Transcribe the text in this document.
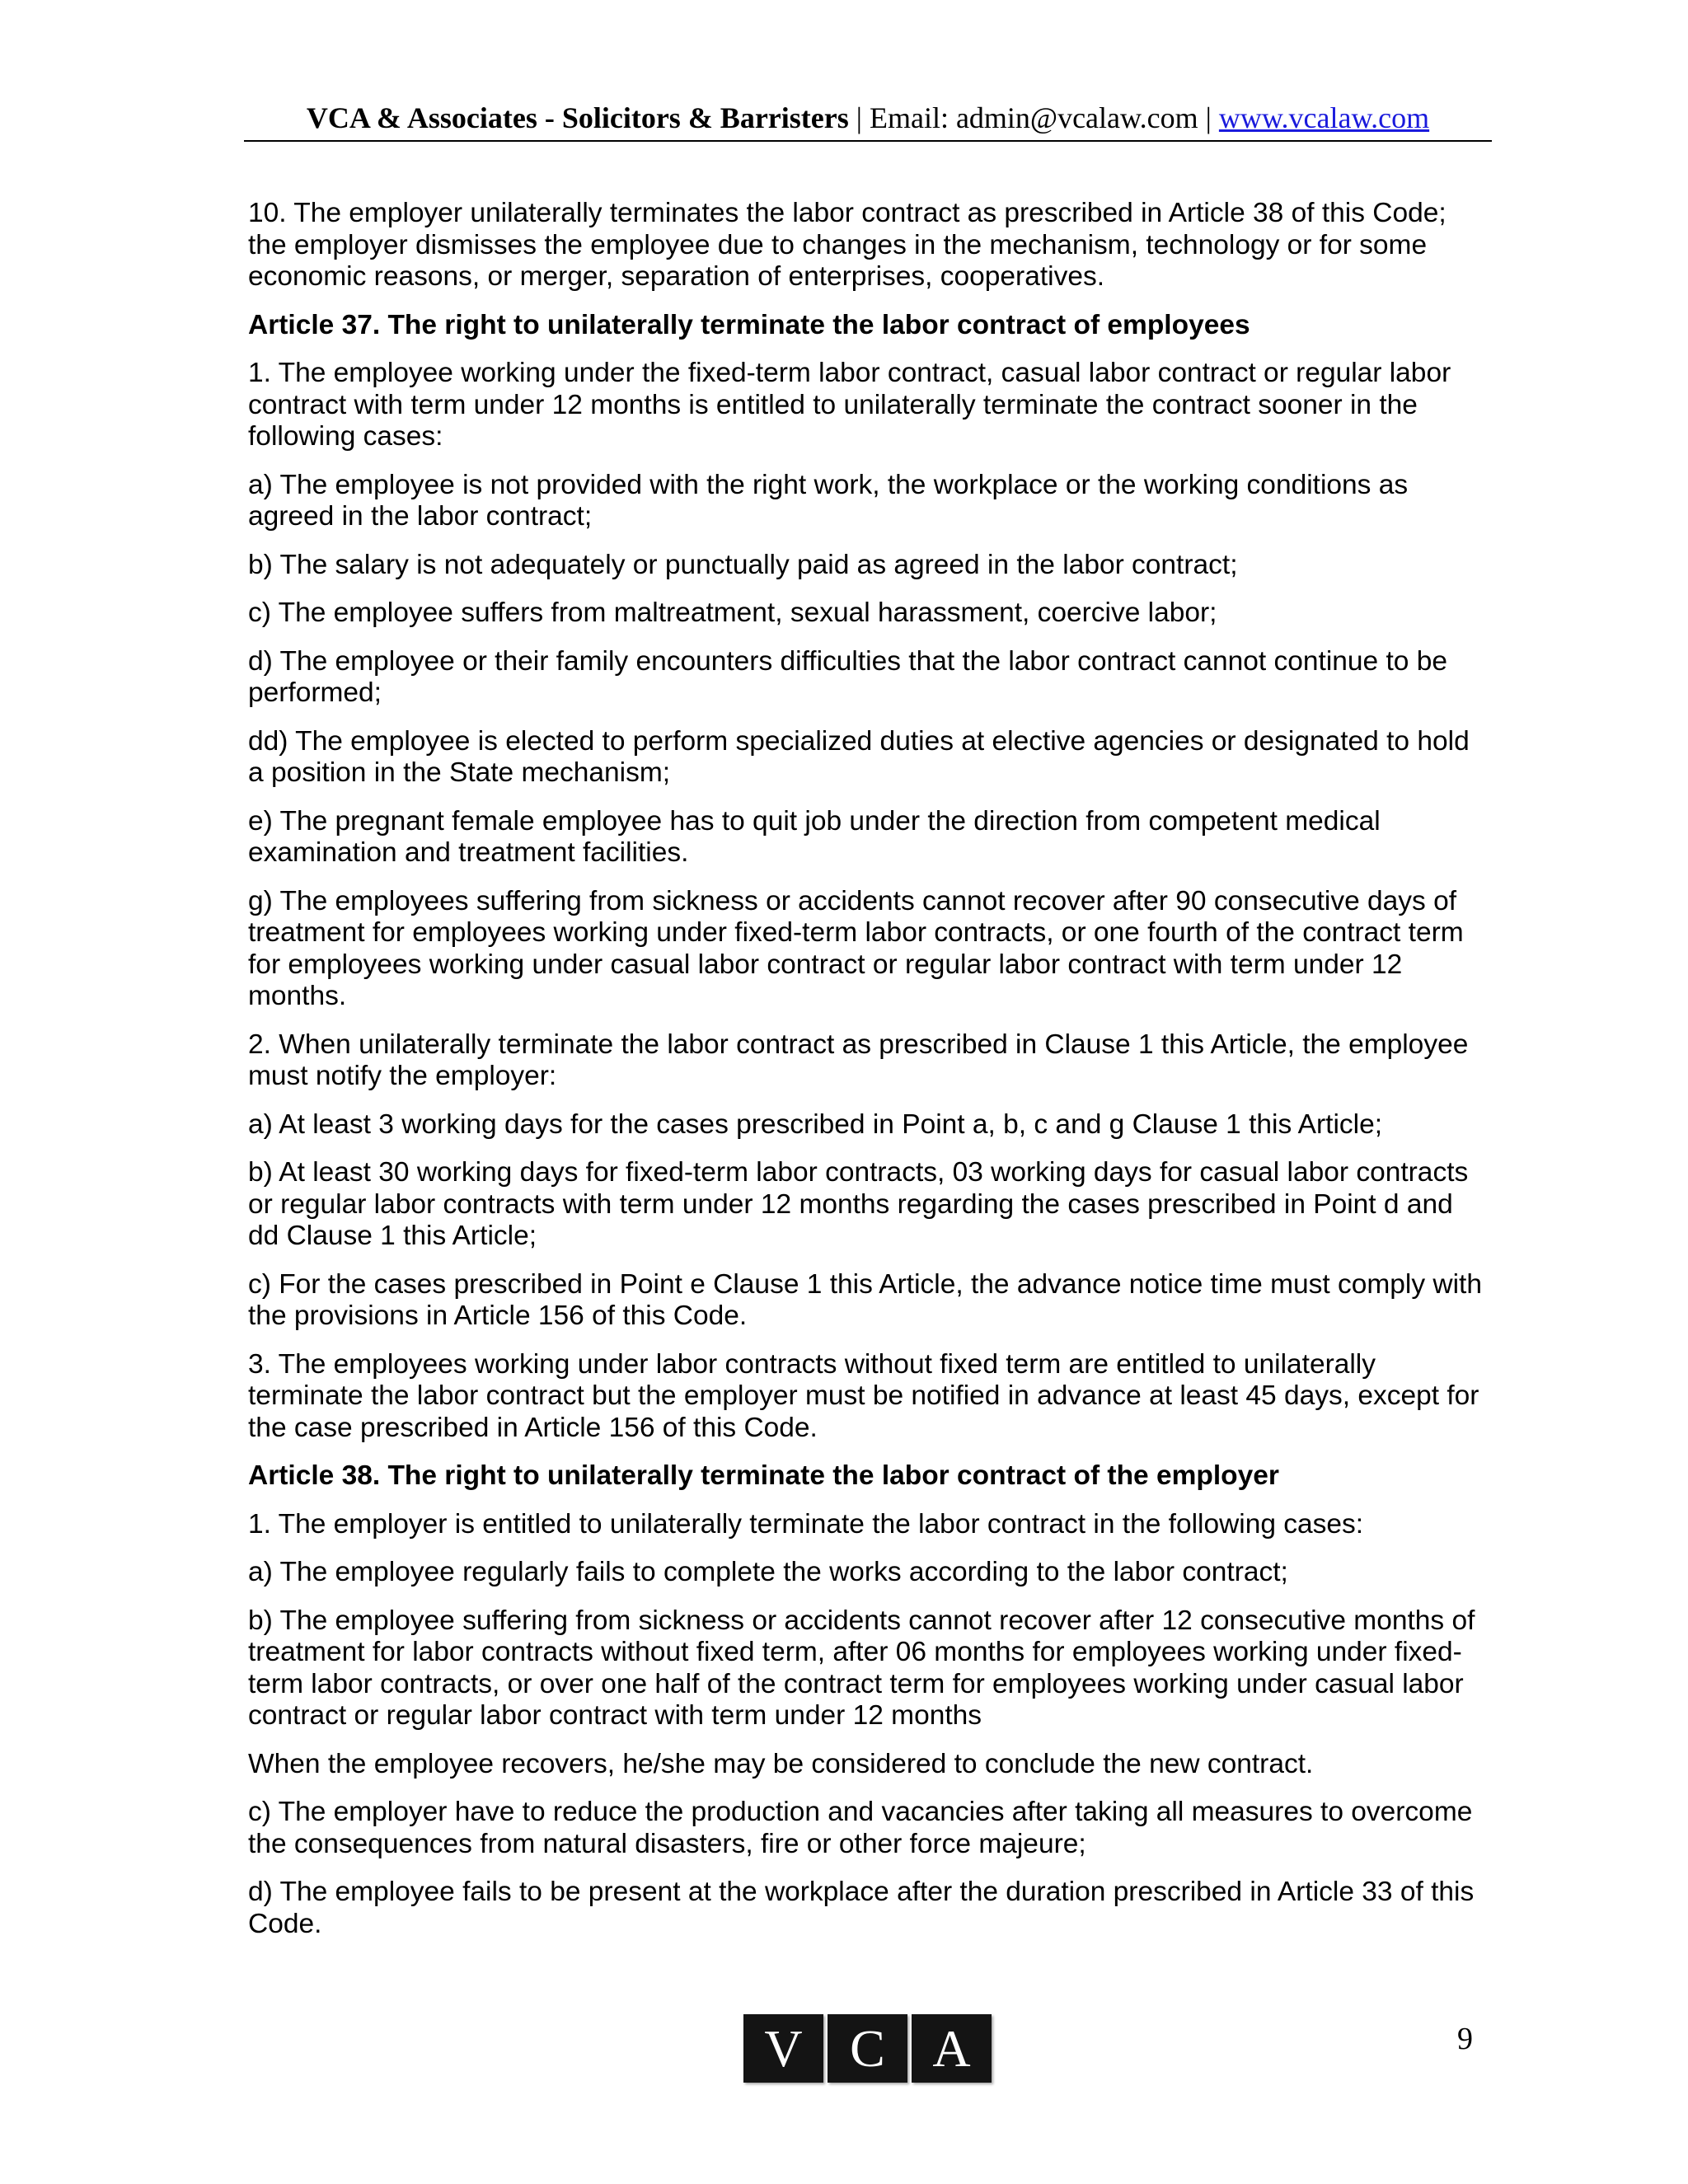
VCA & Associates - Solicitors & Barristers | Email: admin@vcalaw.com | www.vcalaw.com

10. The employer unilaterally terminates the labor contract as prescribed in Article 38 of this Code; the employer dismisses the employee due to changes in the mechanism, technology or for some economic reasons, or merger, separation of enterprises, cooperatives.

Article 37. The right to unilaterally terminate the labor contract of employees

1. The employee working under the fixed-term labor contract, casual labor contract or regular labor contract with term under 12 months is entitled to unilaterally terminate the contract sooner in the following cases:

a) The employee is not provided with the right work, the workplace or the working conditions as agreed in the labor contract;

b) The salary is not adequately or punctually paid as agreed in the labor contract;

c) The employee suffers from maltreatment, sexual harassment, coercive labor;

d) The employee or their family encounters difficulties that the labor contract cannot continue to be performed;

dd) The employee is elected to perform specialized duties at elective agencies or designated to hold a position in the State mechanism;

e) The pregnant female employee has to quit job under the direction from competent medical examination and treatment facilities.

g) The employees suffering from sickness or accidents cannot recover after 90 consecutive days of treatment for employees working under fixed-term labor contracts, or one fourth of the contract term for employees working under casual labor contract or regular labor contract with term under 12 months.

2. When unilaterally terminate the labor contract as prescribed in Clause 1 this Article, the employee must notify the employer:

a) At least 3 working days for the cases prescribed in Point a, b, c and g Clause 1 this Article;

b) At least 30 working days for fixed-term labor contracts, 03 working days for casual labor contracts or regular labor contracts with term under 12 months regarding the cases prescribed in Point d and dd Clause 1 this Article;

c) For the cases prescribed in Point e Clause 1 this Article, the advance notice time must comply with the provisions in Article 156 of this Code.

3. The employees working under labor contracts without fixed term are entitled to unilaterally terminate the labor contract but the employer must be notified in advance at least 45 days, except for the case prescribed in Article 156 of this Code.

Article 38. The right to unilaterally terminate the labor contract of the employer

1. The employer is entitled to unilaterally terminate the labor contract in the following cases:

a) The employee regularly fails to complete the works according to the labor contract;

b) The employee suffering from sickness or accidents cannot recover after 12 consecutive months of treatment for labor contracts without fixed term, after 06 months for employees working under fixed-term labor contracts, or over one half of the contract term for employees working under casual labor contract or regular labor contract with term under 12 months

When the employee recovers, he/she may be considered to conclude the new contract.

c) The employer have to reduce the production and vacancies after taking all measures to overcome the consequences from natural disasters, fire or other force majeure;

d) The employee fails to be present at the workplace after the duration prescribed in Article 33 of this Code.

V C A	9
